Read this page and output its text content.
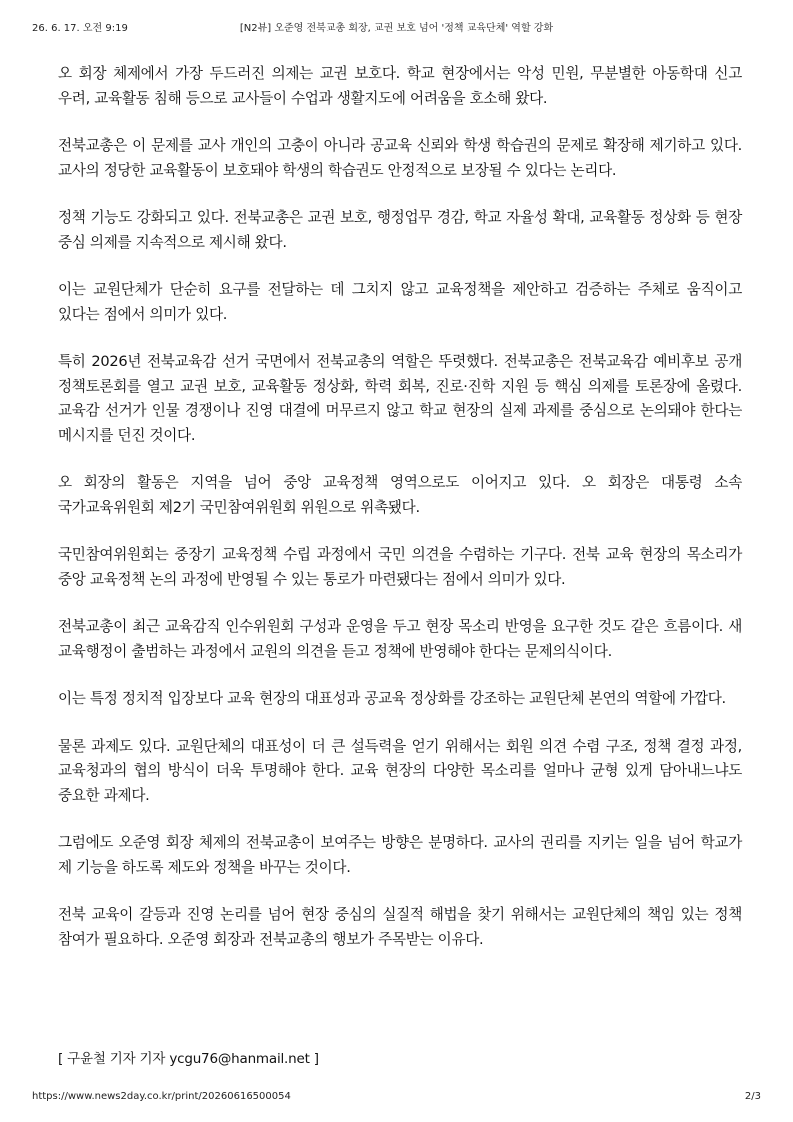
26. 6. 17. 오전 9:19	[N2뷰] 오준영 전북교총 회장, 교권 보호 넘어 '정책 교육단체' 역할 강화

오 회장 체제에서 가장 두드러진 의제는 교권 보호다. 학교 현장에서는 악성 민원, 무분별한 아동학대 신고 우려, 교육활동 침해 등으로 교사들이 수업과 생활지도에 어려움을 호소해 왔다.

전북교총은 이 문제를 교사 개인의 고충이 아니라 공교육 신뢰와 학생 학습권의 문제로 확장해 제기하고 있다. 교사의 정당한 교육활동이 보호돼야 학생의 학습권도 안정적으로 보장될 수 있다는 논리다.

정책 기능도 강화되고 있다. 전북교총은 교권 보호, 행정업무 경감, 학교 자율성 확대, 교육활동 정상화 등 현장 중심 의제를 지속적으로 제시해 왔다.

이는 교원단체가 단순히 요구를 전달하는 데 그치지 않고 교육정책을 제안하고 검증하는 주체로 움직이고 있다는 점에서 의미가 있다.

특히 2026년 전북교육감 선거 국면에서 전북교총의 역할은 뚜렷했다. 전북교총은 전북교육감 예비후보 공개 정책토론회를 열고 교권 보호, 교육활동 정상화, 학력 회복, 진로·진학 지원 등 핵심 의제를 토론장에 올렸다. 교육감 선거가 인물 경쟁이나 진영 대결에 머무르지 않고 학교 현장의 실제 과제를 중심으로 논의돼야 한다는 메시지를 던진 것이다.

오 회장의 활동은 지역을 넘어 중앙 교육정책 영역으로도 이어지고 있다. 오 회장은 대통령 소속 국가교육위원회 제2기 국민참여위원회 위원으로 위촉됐다.

국민참여위원회는 중장기 교육정책 수립 과정에서 국민 의견을 수렴하는 기구다. 전북 교육 현장의 목소리가 중앙 교육정책 논의 과정에 반영될 수 있는 통로가 마련됐다는 점에서 의미가 있다.

전북교총이 최근 교육감직 인수위원회 구성과 운영을 두고 현장 목소리 반영을 요구한 것도 같은 흐름이다. 새 교육행정이 출범하는 과정에서 교원의 의견을 듣고 정책에 반영해야 한다는 문제의식이다.

이는 특정 정치적 입장보다 교육 현장의 대표성과 공교육 정상화를 강조하는 교원단체 본연의 역할에 가깝다.

물론 과제도 있다. 교원단체의 대표성이 더 큰 설득력을 얻기 위해서는 회원 의견 수렴 구조, 정책 결정 과정, 교육청과의 협의 방식이 더욱 투명해야 한다. 교육 현장의 다양한 목소리를 얼마나 균형 있게 담아내느냐도 중요한 과제다.

그럼에도 오준영 회장 체제의 전북교총이 보여주는 방향은 분명하다. 교사의 권리를 지키는 일을 넘어 학교가 제 기능을 하도록 제도와 정책을 바꾸는 것이다.

전북 교육이 갈등과 진영 논리를 넘어 현장 중심의 실질적 해법을 찾기 위해서는 교원단체의 책임 있는 정책 참여가 필요하다. 오준영 회장과 전북교총의 행보가 주목받는 이유다.

[ 구윤철 기자 기자 ycgu76@hanmail.net ]
https://www.news2day.co.kr/print/20260616500054	2/3
